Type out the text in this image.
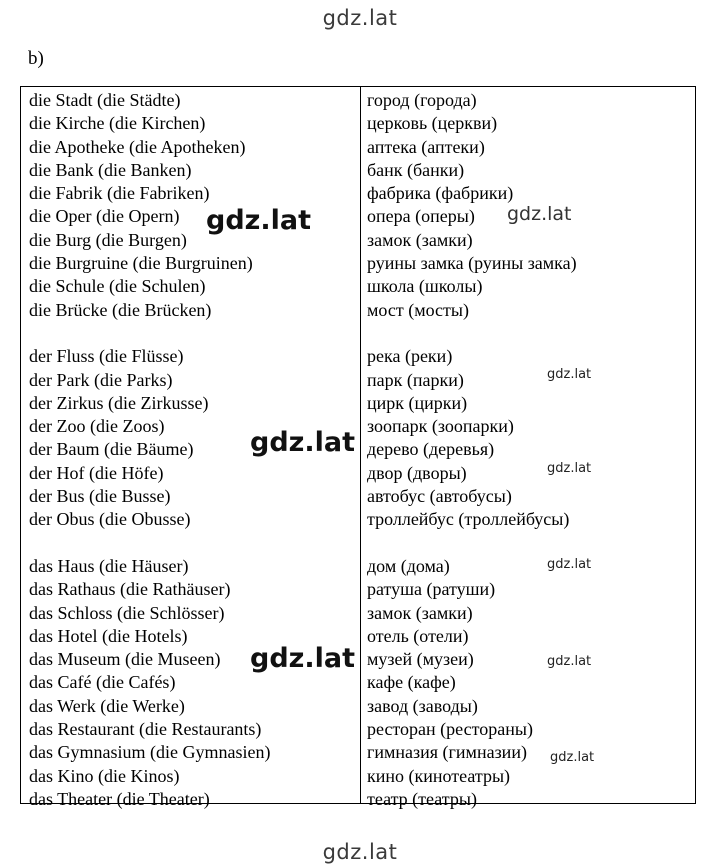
gdz.lat
b)
die Stadt (die Städte)
die Kirche (die Kirchen)
die Apotheke (die Apotheken)
die Bank (die Banken)
die Fabrik (die Fabriken)
die Oper (die Opern)
die Burg (die Burgen)
die Burgruine (die Burgruinen)
die Schule (die Schulen)
die Brücke (die Brücken)
der Fluss (die Flüsse)
der Park (die Parks)
der Zirkus (die Zirkusse)
der Zoo (die Zoos)
der Baum (die Bäume)
der Hof (die Höfe)
der Bus (die Busse)
der Obus (die Obusse)
das Haus (die Häuser)
das Rathaus (die Rathäuser)
das Schloss (die Schlösser)
das Hotel (die Hotels)
das Museum (die Museen)
das Café (die Cafés)
das Werk (die Werke)
das Restaurant (die Restaurants)
das Gymnasium (die Gymnasien)
das Kino (die Kinos)
das Theater (die Theater)
город (города)
церковь (церкви)
аптека (аптеки)
банк (банки)
фабрика (фабрики)
опера (оперы)
замок (замки)
руины замка (руины замка)
школа (школы)
мост (мосты)
река (реки)
парк (парки)
цирк (цирки)
зоопарк (зоопарки)
дерево (деревья)
двор (дворы)
автобус (автобусы)
троллейбус (троллейбусы)
дом (дома)
ратуша (ратуши)
замок (замки)
отель (отели)
музей (музеи)
кафе (кафе)
завод (заводы)
ресторан (рестораны)
гимназия (гимназии)
кино (кинотеатры)
театр (театры)
gdz.lat	gdz.lat
gdz.lat
gdz.lat
gdz.lat
gdz.lat
gdz.lat	gdz.lat
gdz.lat
gdz.lat
